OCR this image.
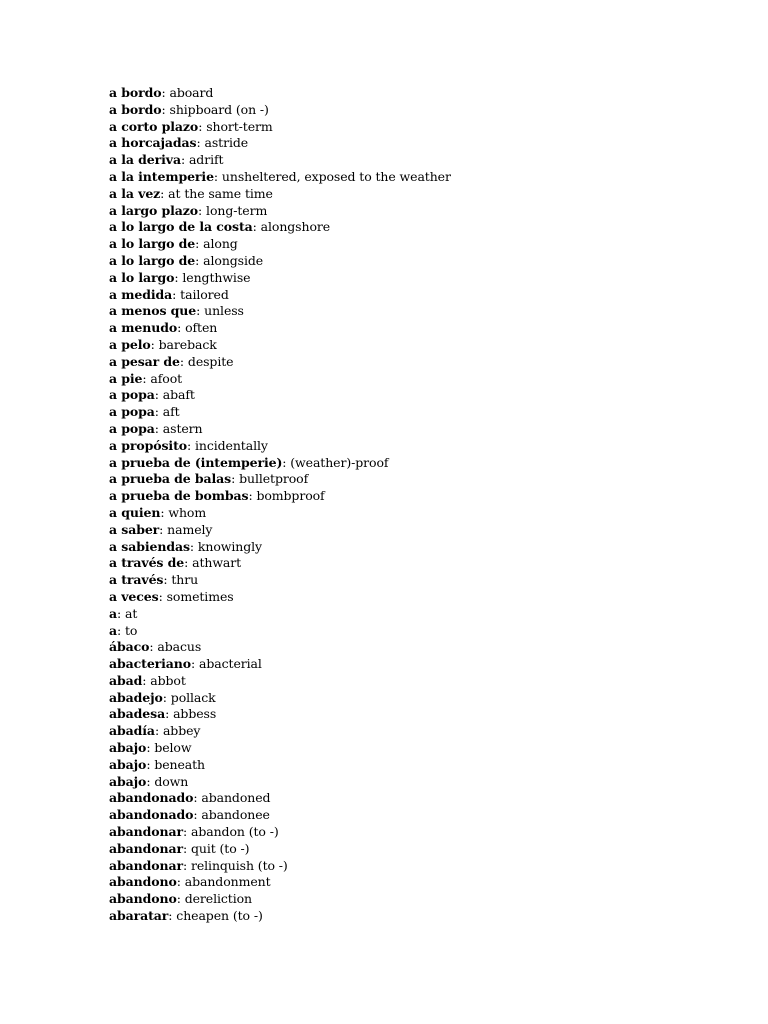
a bordo: aboard
a bordo: shipboard (on -)
a corto plazo: short-term
a horcajadas: astride
a la deriva: adrift
a la intemperie: unsheltered, exposed to the weather
a la vez: at the same time
a largo plazo: long-term
a lo largo de la costa: alongshore
a lo largo de: along
a lo largo de: alongside
a lo largo: lengthwise
a medida: tailored
a menos que: unless
a menudo: often
a pelo: bareback
a pesar de: despite
a pie: afoot
a popa: abaft
a popa: aft
a popa: astern
a propósito: incidentally
a prueba de (intemperie): (weather)-proof
a prueba de balas: bulletproof
a prueba de bombas: bombproof
a quien: whom
a saber: namely
a sabiendas: knowingly
a través de: athwart
a través: thru
a veces: sometimes
a: at
a: to
ábaco: abacus
abacteriano: abacterial
abad: abbot
abadejo: pollack
abadesa: abbess
abadía: abbey
abajo: below
abajo: beneath
abajo: down
abandonado: abandoned
abandonado: abandonee
abandonar: abandon (to -)
abandonar: quit (to -)
abandonar: relinquish (to -)
abandono: abandonment
abandono: dereliction
abaratar: cheapen (to -)
